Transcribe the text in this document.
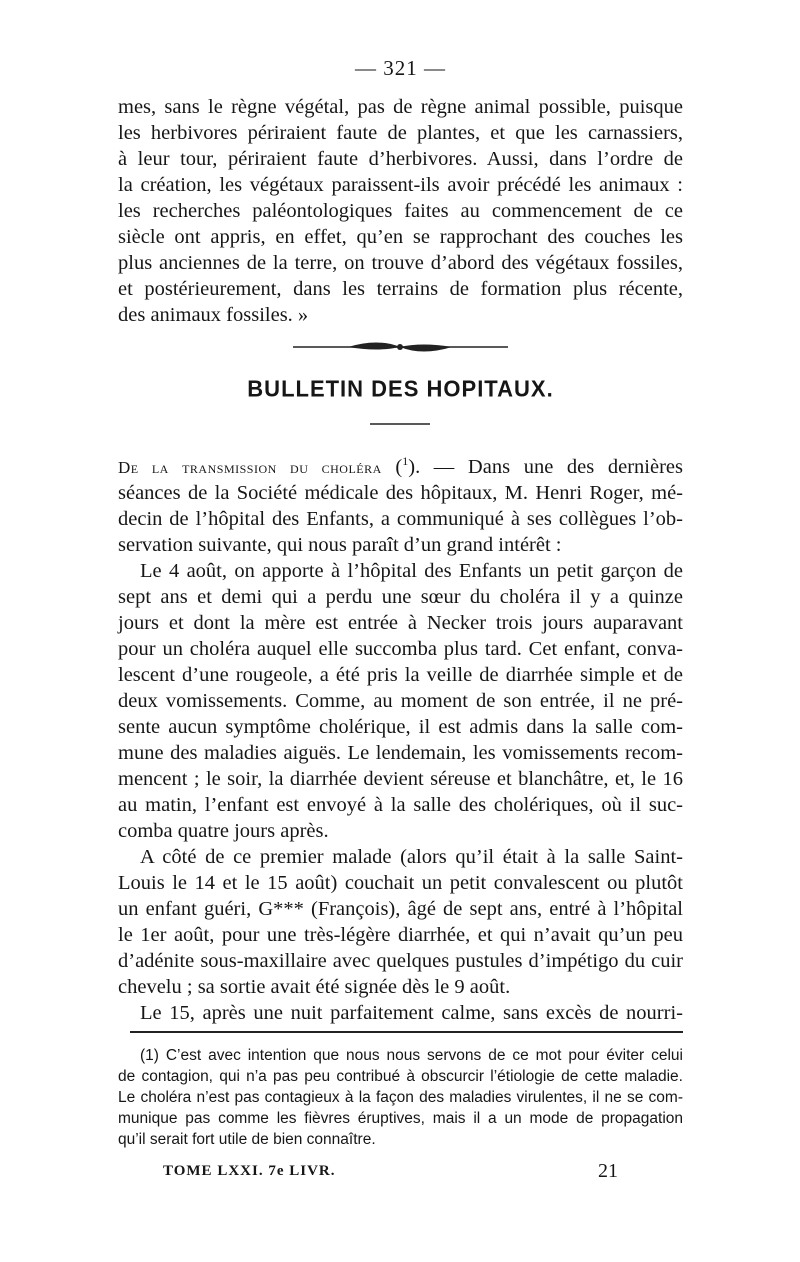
— 321 —
mes, sans le règne végétal, pas de règne animal possible, puisque
les herbivores périraient faute de plantes, et que les carnassiers,
à leur tour, périraient faute d’herbivores. Aussi, dans l’ordre de
la création, les végétaux paraissent-ils avoir précédé les animaux :
les recherches paléontologiques faites au commencement de ce
siècle ont appris, en effet, qu’en se rapprochant des couches les
plus anciennes de la terre, on trouve d’abord des végétaux fossiles,
et postérieurement, dans les terrains de formation plus récente,
des animaux fossiles. »
BULLETIN DES HOPITAUX.
De la transmission du choléra ($^1$). — Dans une des dernières
séances de la Société médicale des hôpitaux, M. Henri Roger, mé-
decin de l’hôpital des Enfants, a communiqué à ses collègues l’ob-
servation suivante, qui nous paraît d’un grand intérêt :
Le 4 août, on apporte à l’hôpital des Enfants un petit garçon de
sept ans et demi qui a perdu une sœur du choléra il y a quinze
jours et dont la mère est entrée à Necker trois jours auparavant
pour un choléra auquel elle succomba plus tard. Cet enfant, conva-
lescent d’une rougeole, a été pris la veille de diarrhée simple et de
deux vomissements. Comme, au moment de son entrée, il ne pré-
sente aucun symptôme cholérique, il est admis dans la salle com-
mune des maladies aiguës. Le lendemain, les vomissements recom-
mencent ; le soir, la diarrhée devient séreuse et blanchâtre, et, le 16
au matin, l’enfant est envoyé à la salle des cholériques, où il suc-
comba quatre jours après.
A côté de ce premier malade (alors qu’il était à la salle Saint-
Louis le 14 et le 15 août) couchait un petit convalescent ou plutôt
un enfant guéri, G*** (François), âgé de sept ans, entré à l’hôpital
le 1er août, pour une très-légère diarrhée, et qui n’avait qu’un peu
d’adénite sous-maxillaire avec quelques pustules d’impétigo du cuir
chevelu ; sa sortie avait été signée dès le 9 août.
Le 15, après une nuit parfaitement calme, sans excès de nourri-
(1) C’est avec intention que nous nous servons de ce mot pour éviter celui
de contagion, qui n’a pas peu contribué à obscurcir l’étiologie de cette maladie.
Le choléra n’est pas contagieux à la façon des maladies virulentes, il ne se com-
munique pas comme les fièvres éruptives, mais il a un mode de propagation
qu’il serait fort utile de bien connaître.
TOME LXXI. 7e LIVR.	21
